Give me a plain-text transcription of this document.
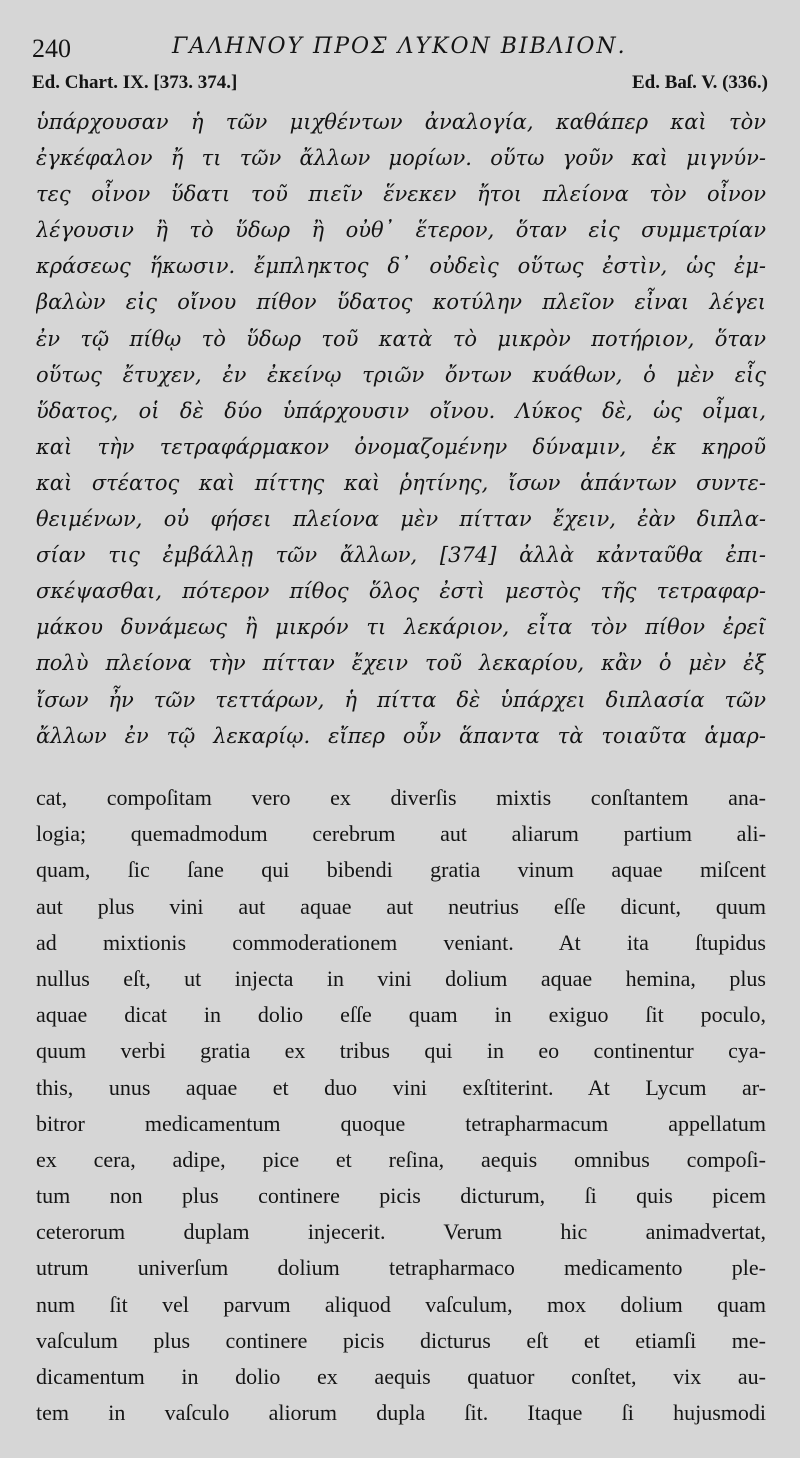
240	ΓΑΛΗΝΟΥ ΠΡΟΣ ΛΥΚΟΝ ΒΙΒΛΙΟΝ.
Ed. Chart. IX. [373. 374.]	Ed. Baſ. V. (336.)
ὑπάρχουσαν ἡ τῶν μιχθέντων ἀναλογία, καθάπερ καὶ τὸν
ἐγκέφαλον ἤ τι τῶν ἄλλων μορίων. οὕτω γοῦν καὶ μιγνύν-
τες οἶνον ὕδατι τοῦ πιεῖν ἕνεκεν ἤτοι πλείονα τὸν οἶνον
λέγουσιν ἢ τὸ ὕδωρ ἢ οὐθ᾿ ἕτερον, ὅταν εἰς συμμετρίαν
κράσεως ἥκωσιν. ἔμπληκτος δ᾿ οὐδεὶς οὕτως ἐστὶν, ὡς ἐμ-
βαλὼν εἰς οἴνου πίθον ὕδατος κοτύλην πλεῖον εἶναι λέγει
ἐν τῷ πίθῳ τὸ ὕδωρ τοῦ κατὰ τὸ μικρὸν ποτήριον, ὅταν
οὕτως ἔτυχεν, ἐν ἐκείνῳ τριῶν ὄντων κυάθων, ὁ μὲν εἷς
ὕδατος, οἱ δὲ δύο ὑπάρχουσιν οἴνου. Λύκος δὲ, ὡς οἶμαι,
καὶ τὴν τετραφάρμακον ὀνομαζομένην δύναμιν, ἐκ κηροῦ
καὶ στέατος καὶ πίττης καὶ ῥητίνης, ἴσων ἁπάντων συντε-
θειμένων, οὐ φήσει πλείονα μὲν πίτταν ἔχειν, ἐὰν διπλα-
σίαν τις ἐμβάλλῃ τῶν ἄλλων, [374] ἀλλὰ κἀνταῦθα ἐπι-
σκέψασθαι, πότερον πίθος ὅλος ἐστὶ μεστὸς τῆς τετραφαρ-
μάκου δυνάμεως ἢ μικρόν τι λεκάριον, εἶτα τὸν πίθον ἐρεῖ
πολὺ πλείονα τὴν πίτταν ἔχειν τοῦ λεκαρίου, κἂν ὁ μὲν ἐξ
ἴσων ἦν τῶν τεττάρων, ἡ πίττα δὲ ὑπάρχει διπλασία τῶν
ἄλλων ἐν τῷ λεκαρίῳ. εἴπερ οὖν ἅπαντα τὰ τοιαῦτα ἁμαρ-
cat, compoſitam vero ex diverſis mixtis conſtantem ana-
logia; quemadmodum cerebrum aut aliarum partium ali-
quam, ſic ſane qui bibendi gratia vinum aquae miſcent
aut plus vini aut aquae aut neutrius eſſe dicunt, quum
ad mixtionis commoderationem veniant. At ita ſtupidus
nullus eſt, ut injecta in vini dolium aquae hemina, plus
aquae dicat in dolio eſſe quam in exiguo ſit poculo,
quum verbi gratia ex tribus qui in eo continentur cya-
this, unus aquae et duo vini exſtiterint. At Lycum ar-
bitror medicamentum quoque tetrapharmacum appellatum
ex cera, adipe, pice et reſina, aequis omnibus compoſi-
tum non plus continere picis dicturum, ſi quis picem
ceterorum duplam injecerit. Verum hic animadvertat,
utrum univerſum dolium tetrapharmaco medicamento ple-
num ſit vel parvum aliquod vaſculum, mox dolium quam
vaſculum plus continere picis dicturus eſt et etiamſi me-
dicamentum in dolio ex aequis quatuor conſtet, vix au-
tem in vaſculo aliorum dupla ſit. Itaque ſi hujusmodi
